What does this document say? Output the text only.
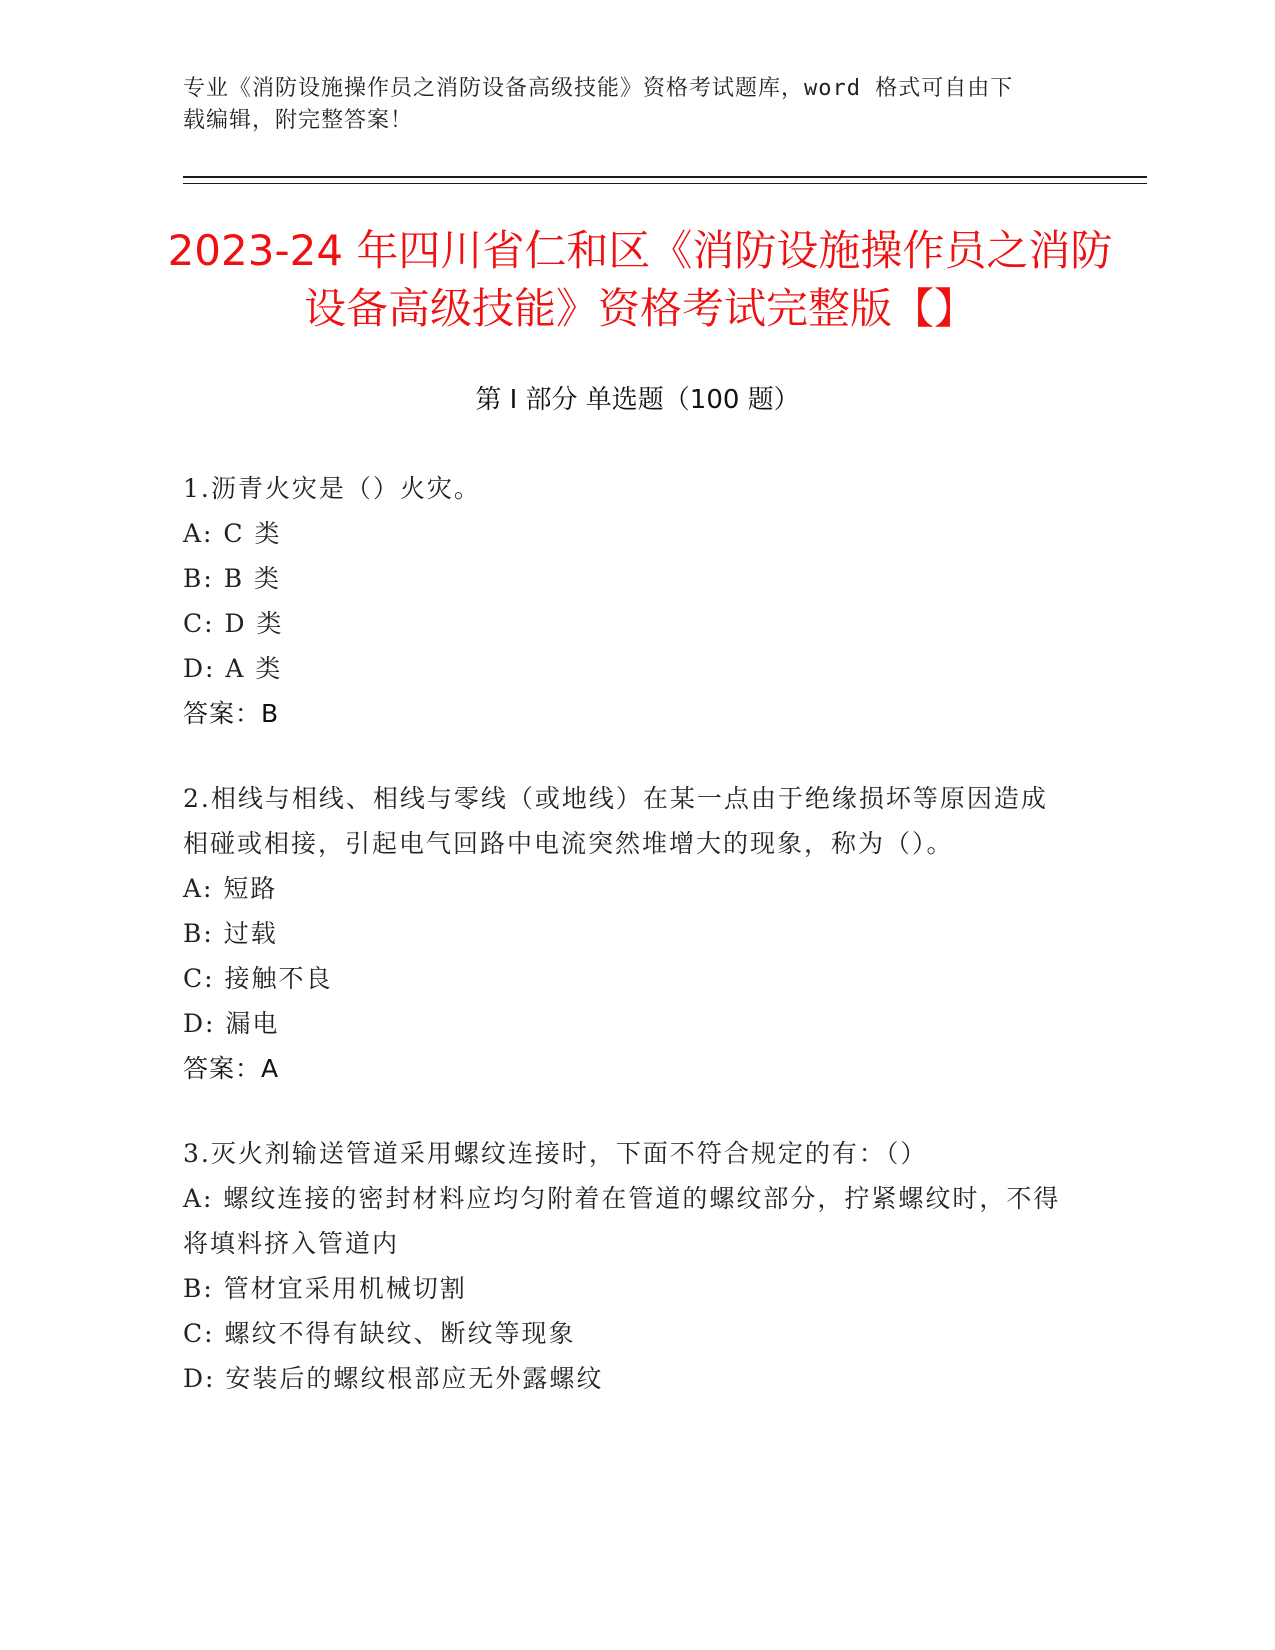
专业《消防设施操作员之消防设备高级技能》资格考试题库，word 格式可自由下
载编辑，附完整答案！
2023-24 年四川省仁和区《消防设施操作员之消防设备高级技能》资格考试完整版【】
第 I 部分 单选题（100 题）
1.沥青火灾是（）火灾。
A: C 类
B: B 类
C: D 类
D: A 类
答案：B
2.相线与相线、相线与零线（或地线）在某一点由于绝缘损坏等原因造成相碰或相接，引起电气回路中电流突然堆增大的现象，称为（）。
A: 短路
B: 过载
C: 接触不良
D: 漏电
答案：A
3.灭火剂输送管道采用螺纹连接时，下面不符合规定的有：（）
A: 螺纹连接的密封材料应均匀附着在管道的螺纹部分，拧紧螺纹时，不得将填料挤入管道内
B: 管材宜采用机械切割
C: 螺纹不得有缺纹、断纹等现象
D: 安装后的螺纹根部应无外露螺纹
